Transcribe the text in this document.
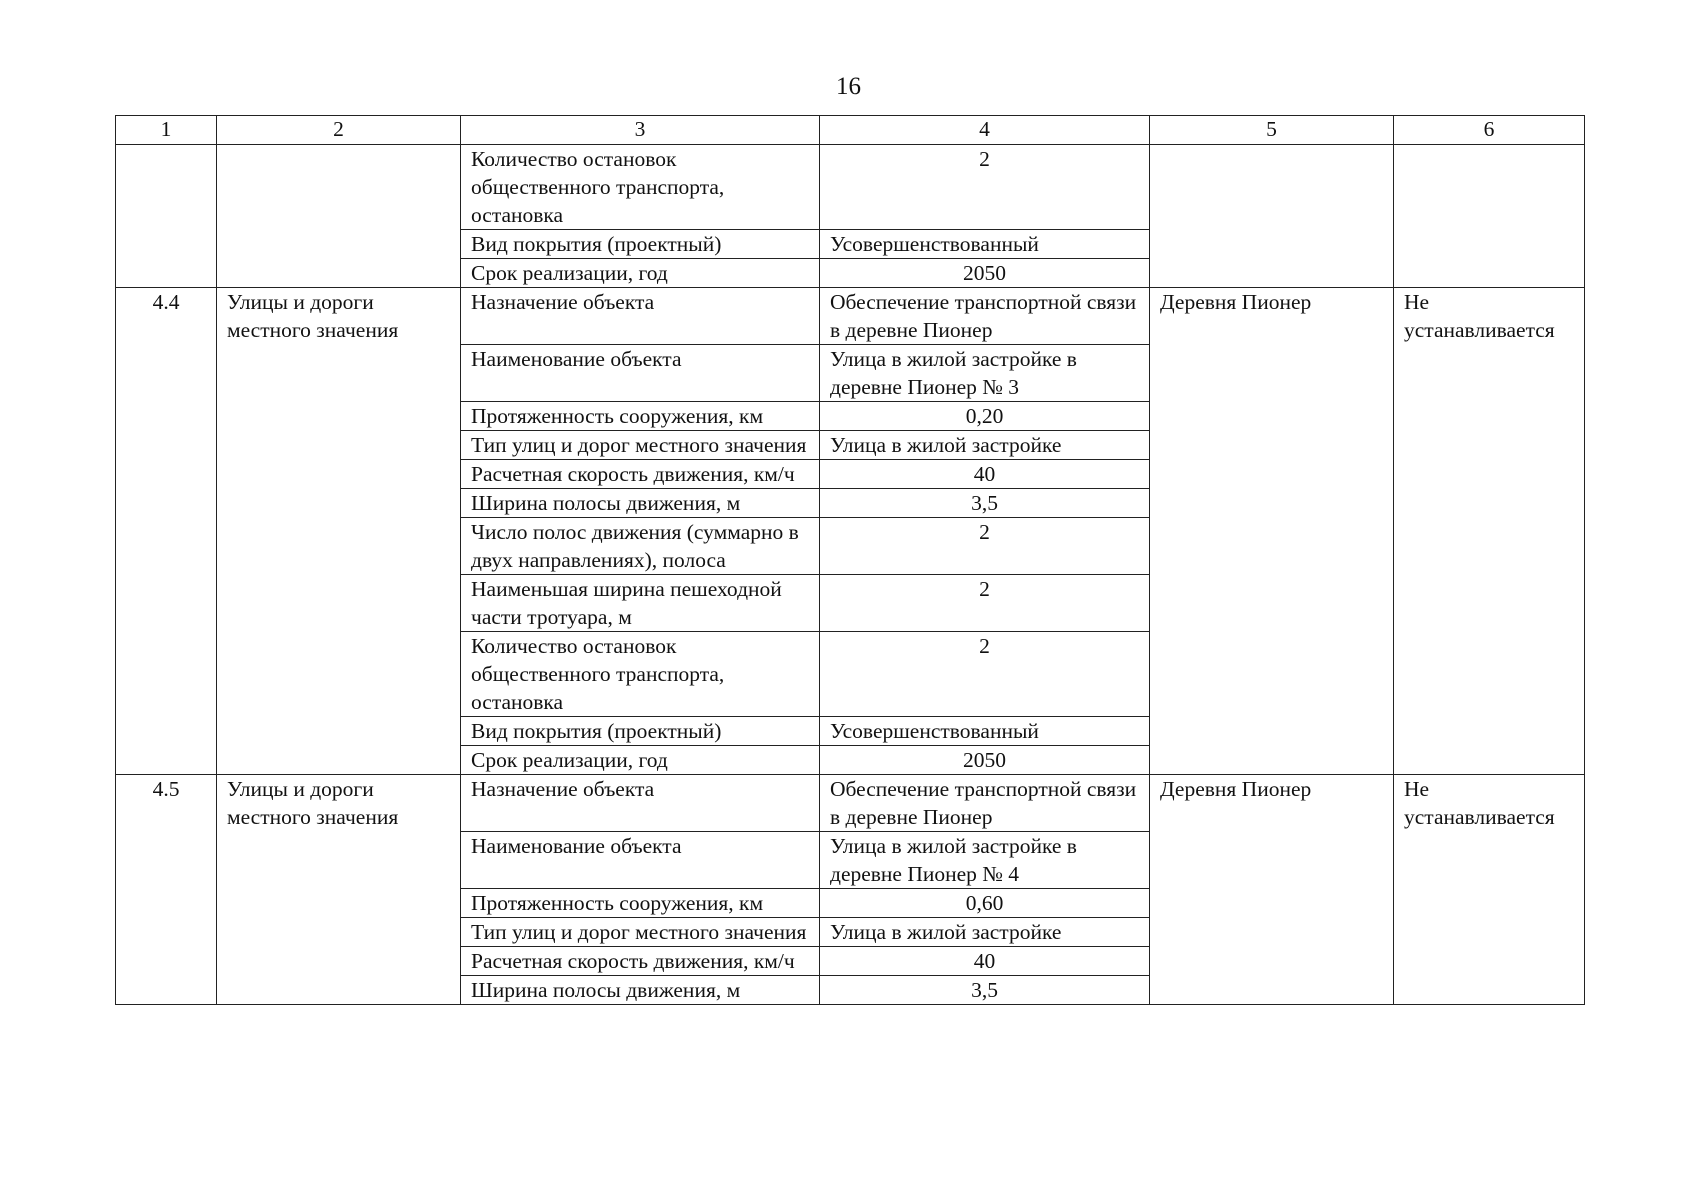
16
1	2	3	4	5	6
		Количество остановок общественного транспорта, остановка	2		
		Вид покрытия (проектный)	Усовершенствованный		
		Срок реализации, год	2050		
4.4	Улицы и дороги местного значения	Назначение объекта	Обеспечение транспортной связи в деревне Пионер	Деревня Пионер	Не устанавливается
		Наименование объекта	Улица в жилой застройке в деревне Пионер № 3		
		Протяженность сооружения, км	0,20		
		Тип улиц и дорог местного значения	Улица в жилой застройке		
		Расчетная скорость движения, км/ч	40		
		Ширина полосы движения, м	3,5		
		Число полос движения (суммарно в двух направлениях), полоса	2		
		Наименьшая ширина пешеходной части тротуара, м	2		
		Количество остановок общественного транспорта, остановка	2		
		Вид покрытия (проектный)	Усовершенствованный		
		Срок реализации, год	2050		
4.5	Улицы и дороги местного значения	Назначение объекта	Обеспечение транспортной связи в деревне Пионер	Деревня Пионер	Не устанавливается
		Наименование объекта	Улица в жилой застройке в деревне Пионер № 4		
		Протяженность сооружения, км	0,60		
		Тип улиц и дорог местного значения	Улица в жилой застройке		
		Расчетная скорость движения, км/ч	40		
		Ширина полосы движения, м	3,5		
